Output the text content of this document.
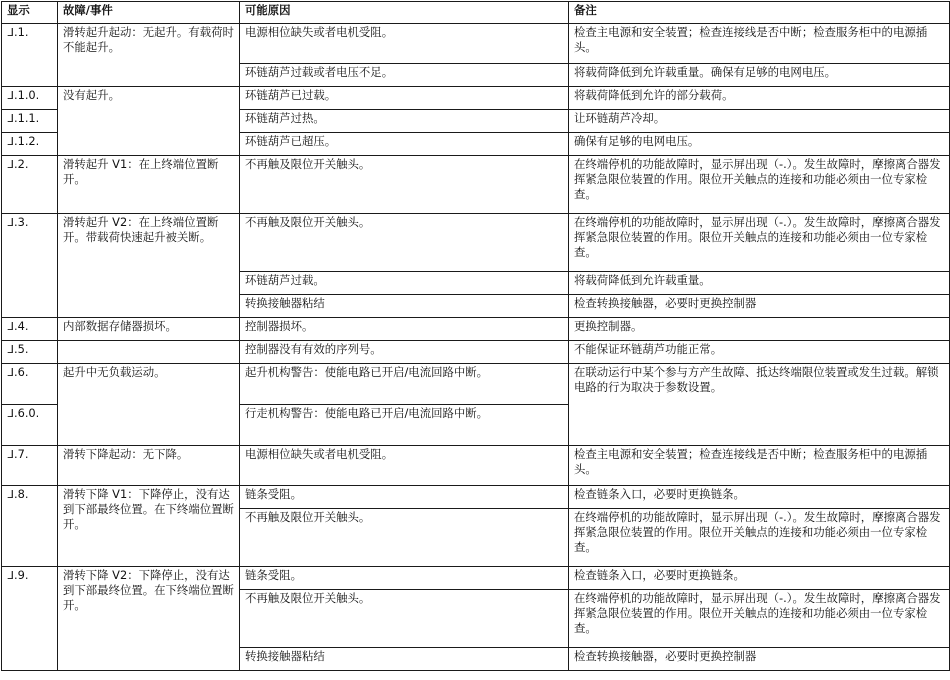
显示	故障/事件	可能原因	备注
ᒧ.1.	滑转起升起动：无起升。有载荷时不能起升。	电源相位缺失或者电机受阻。	检查主电源和安全装置；检查连接线是否中断；检查服务柜中的电源插头。
		环链葫芦过载或者电压不足。	将载荷降低到允许载重量。确保有足够的电网电压。
ᒧ.1.0.	没有起升。	环链葫芦已过载。	将载荷降低到允许的部分载荷。
ᒧ.1.1.		环链葫芦过热。	让环链葫芦冷却。
ᒧ.1.2.		环链葫芦已超压。	确保有足够的电网电压。
ᒧ.2.	滑转起升 V1：在上终端位置断开。	不再触及限位开关触头。	在终端停机的功能故障时，显示屏出现（-.）。发生故障时，摩擦离合器发挥紧急限位装置的作用。限位开关触点的连接和功能必须由一位专家检查。
ᒧ.3.	滑转起升 V2：在上终端位置断开。带载荷快速起升被关断。	不再触及限位开关触头。	在终端停机的功能故障时，显示屏出现（-.）。发生故障时，摩擦离合器发挥紧急限位装置的作用。限位开关触点的连接和功能必须由一位专家检查。
		环链葫芦过载。	将载荷降低到允许载重量。
		转换接触器粘结	检查转换接触器，必要时更换控制器
ᒧ.4.	内部数据存储器损坏。	控制器损坏。	更换控制器。
ᒧ.5.		控制器没有有效的序列号。	不能保证环链葫芦功能正常。
ᒧ.6.	起升中无负载运动。	起升机构警告：使能电路已开启/电流回路中断。	在联动运行中某个参与方产生故障、抵达终端限位装置或发生过载。解锁电路的行为取决于参数设置。
ᒧ.6.0.		行走机构警告：使能电路已开启/电流回路中断。	
ᒧ.7.	滑转下降起动：无下降。	电源相位缺失或者电机受阻。	检查主电源和安全装置；检查连接线是否中断；检查服务柜中的电源插头。
ᒧ.8.	滑转下降 V1：下降停止，没有达到下部最终位置。在下终端位置断开。	链条受阻。	检查链条入口，必要时更换链条。
		不再触及限位开关触头。	在终端停机的功能故障时，显示屏出现（-.）。发生故障时，摩擦离合器发挥紧急限位装置的作用。限位开关触点的连接和功能必须由一位专家检查。
ᒧ.9.	滑转下降 V2：下降停止，没有达到下部最终位置。在下终端位置断开。	链条受阻。	检查链条入口，必要时更换链条。
		不再触及限位开关触头。	在终端停机的功能故障时，显示屏出现（-.）。发生故障时，摩擦离合器发挥紧急限位装置的作用。限位开关触点的连接和功能必须由一位专家检查。
		转换接触器粘结	检查转换接触器，必要时更换控制器
